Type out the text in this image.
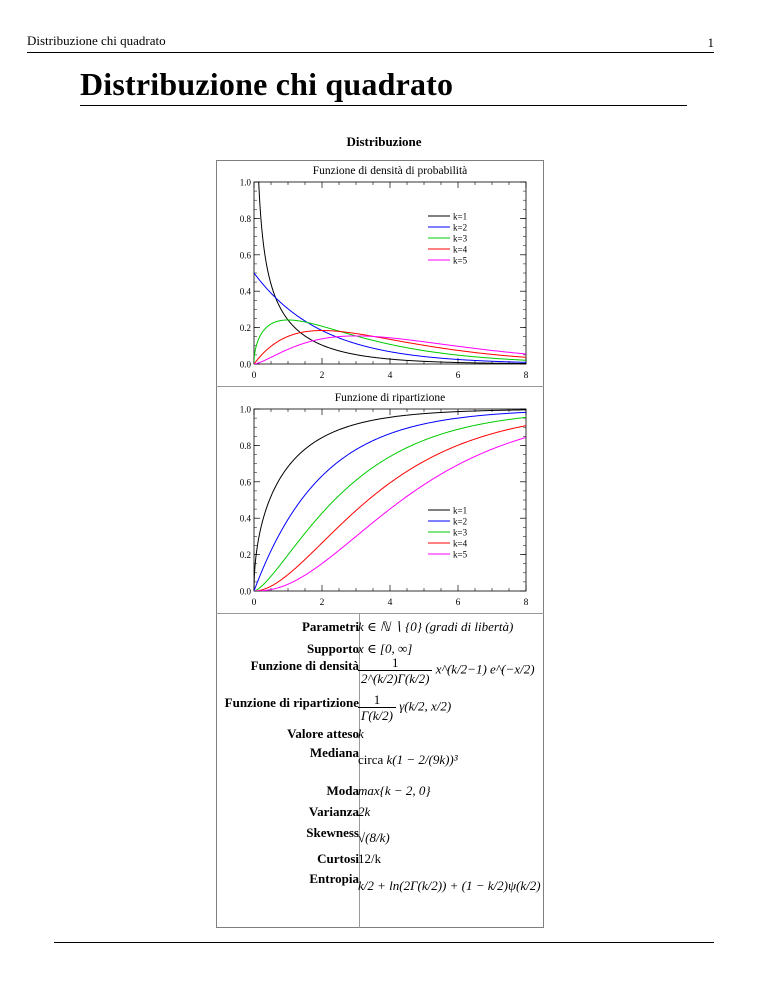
Distribuzione chi quadrato	1
Distribuzione chi quadrato
Distribuzione
Funzione di densità di probabilità
0	2	4	6	8
0.0
0.2
0.4
0.6
0.8
1.0
k=1
k=2
k=3
k=4
k=5
Funzione di ripartizione
0	2	4	6	8
0.0
0.2
0.4
0.6
0.8
1.0
k=1
k=2
k=3
k=4
k=5
Parametri k ∈ ℕ ∖ {0} (gradi di libertà)
Supporto x ∈ [0, ∞]
Funzione di densità $\frac{1}{2\^{}(k/2)\Gamma(k/2)}$ x^(k/2−1) e^(−x/2)
Funzione di ripartizione $\frac{1}{\Gamma(k/2)} \gamma(k/2$, x/2)
Valore atteso k
Mediana circa k(1 − 2/(9k))³
Moda max{k − 2, 0}
Varianza 2k
Skewness √(8/k)
Curtosi 12/k
Entropia k/2 + ln(2Γ(k/2)) + (1 − k/2)ψ(k/2)
